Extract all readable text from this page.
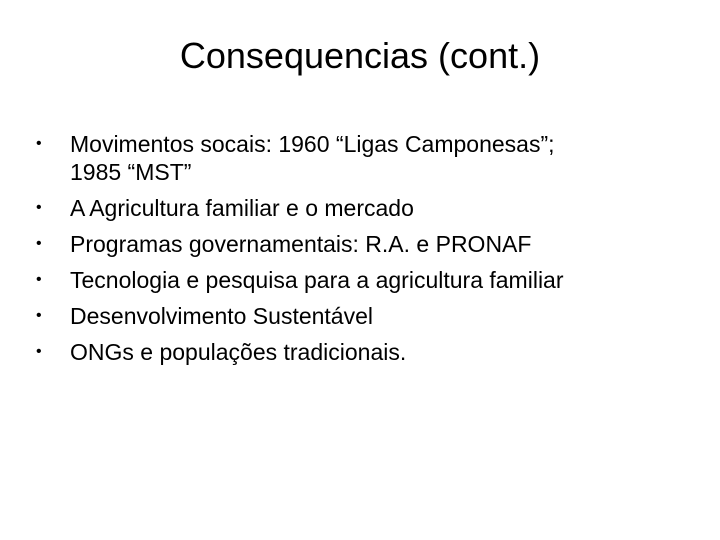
Consequencias (cont.)
•	Movimentos socais: 1960 “Ligas Camponesas”;
1985 “MST”
•	A Agricultura familiar e o mercado
•	Programas governamentais: R.A. e PRONAF
•	Tecnologia e pesquisa para a agricultura familiar
•	Desenvolvimento Sustentável
•	ONGs e populações tradicionais.
